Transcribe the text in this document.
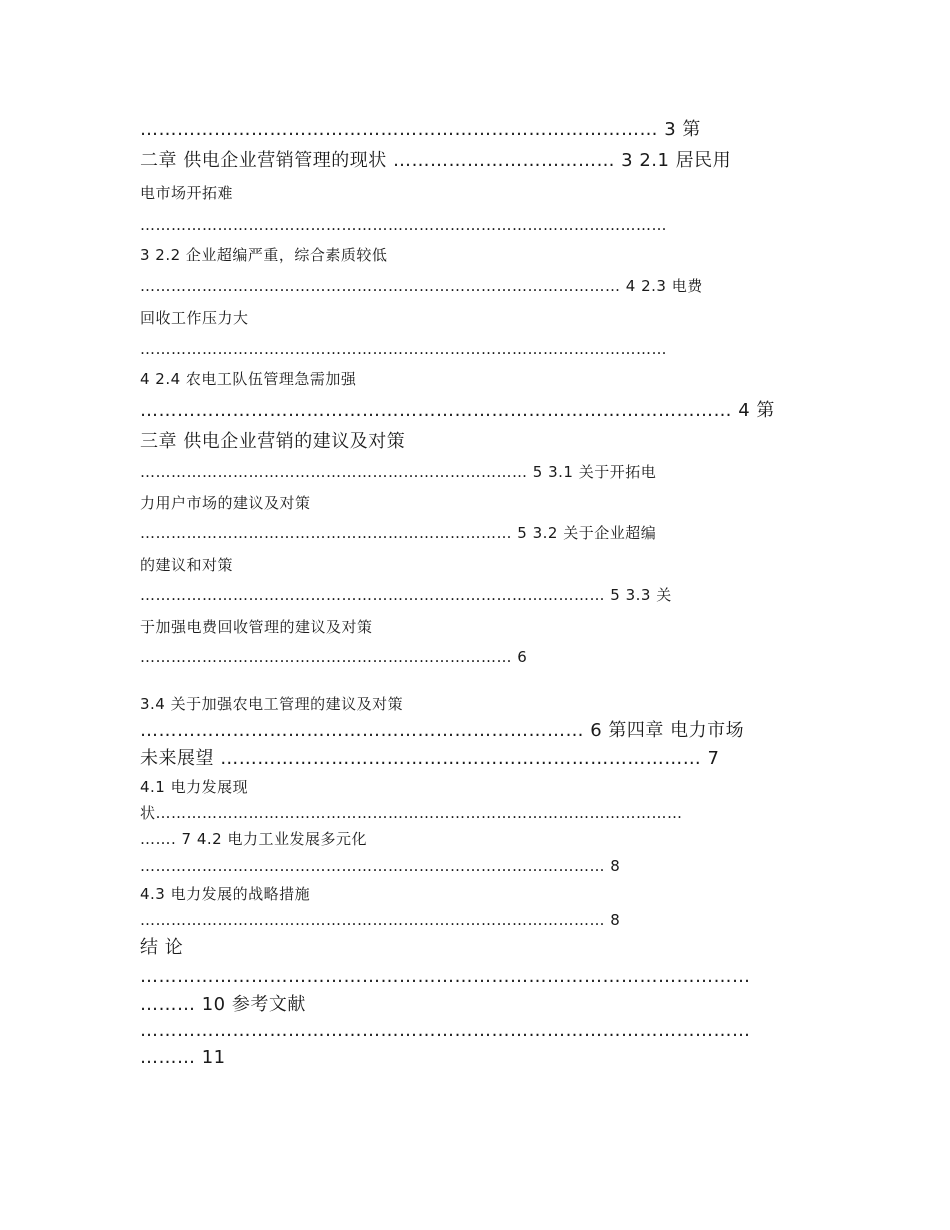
………………………………………………………………………… 3 第
二章 供电企业营销管理的现状 ……………………………… 3 2.1 居民用
电市场开拓难
…………………………………………………………………………………………
3 2.2 企业超编严重，综合素质较低
………………………………………………………………………………… 4 2.3 电费
回收工作压力大
…………………………………………………………………………………………
4 2.4 农电工队伍管理急需加强
…………………………………………………………………………………… 4 第
三章 供电企业营销的建议及对策
………………………………………………………………… 5 3.1 关于开拓电
力用户市场的建议及对策
……………………………………………………………… 5 3.2 关于企业超编
的建议和对策
……………………………………………………………………………… 5 3.3 关
于加强电费回收管理的建议及对策
……………………………………………………………… 6
3.4 关于加强农电工管理的建议及对策
……………………………………………………………… 6 第四章 电力市场
未来展望 …………………………………………………………………… 7
4.1 电力发展现
状…………………………………………………………………………………………
……. 7 4.2 电力工业发展多元化
……………………………………………………………………………… 8
4.3 电力发展的战略措施
……………………………………………………………………………… 8
结 论
………………………………………………………………………………………
……… 10 参考文献
………………………………………………………………………………………
……… 11
